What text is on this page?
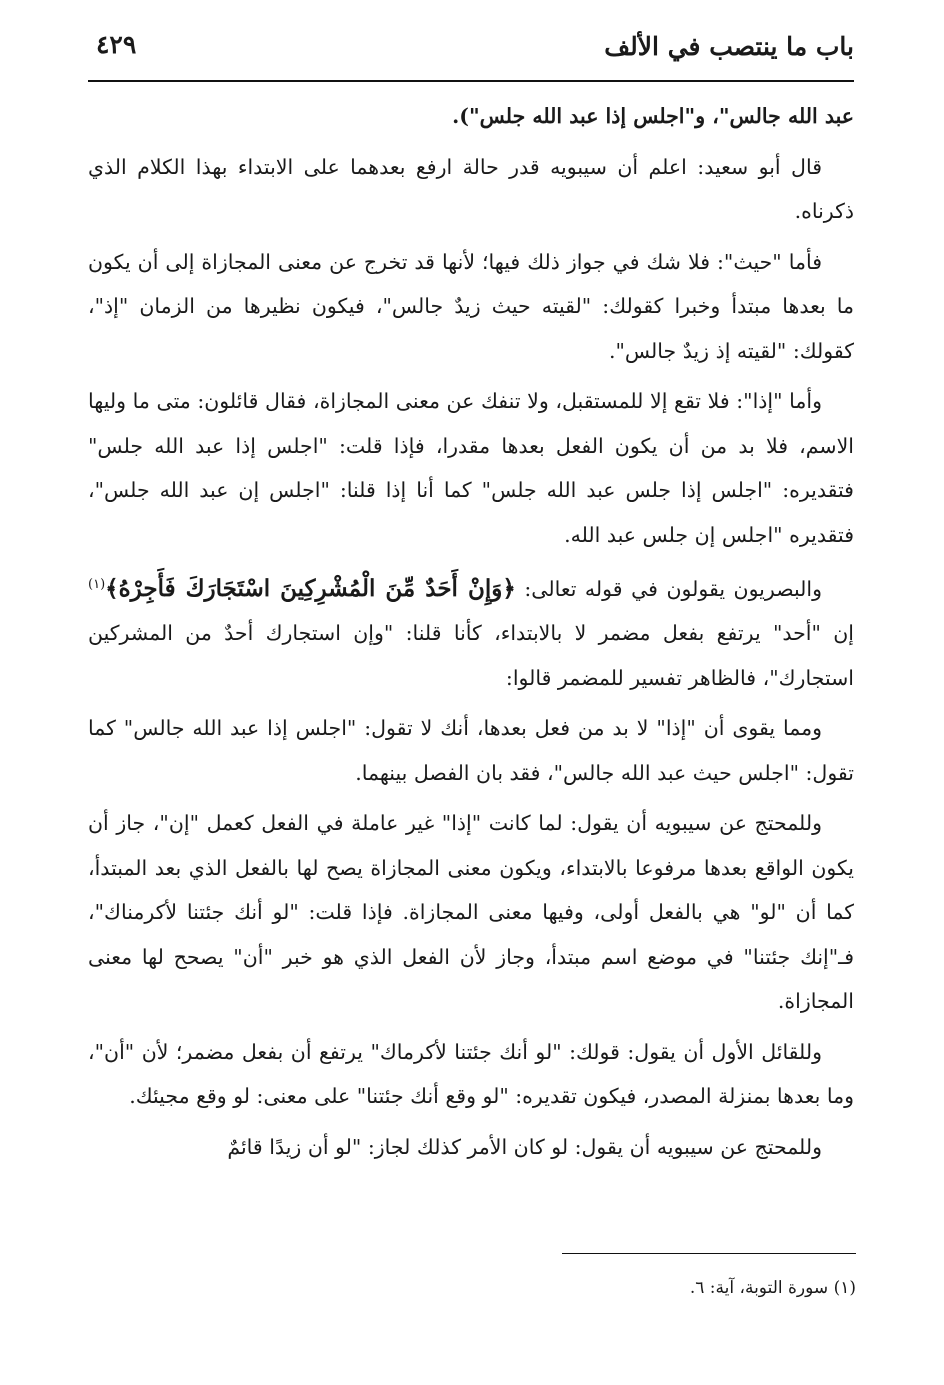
باب ما ينتصب في الألف
٤٢٩

عبد الله جالس"، و"اجلس إذا عبد الله جلس").

قال أبو سعيد: اعلم أن سيبويه قدر حالة ارفع بعدهما على الابتداء بهذا الكلام الذي ذكرناه.

فأما "حيث": فلا شك في جواز ذلك فيها؛ لأنها قد تخرج عن معنى المجازاة إلى أن يكون ما بعدها مبتدأ وخبرا كقولك: "لقيته حيث زيدٌ جالس"، فيكون نظيرها من الزمان "إذ"، كقولك: "لقيته إذ زيدٌ جالس".

وأما "إذا": فلا تقع إلا للمستقبل، ولا تنفك عن معنى المجازاة، فقال قائلون: متى ما وليها الاسم، فلا بد من أن يكون الفعل بعدها مقدرا، فإذا قلت: "اجلس إذا عبد الله جلس" فتقديره: "اجلس إذا جلس عبد الله جلس" كما أنا إذا قلنا: "اجلس إن عبد الله جلس"، فتقديره "اجلس إن جلس عبد الله.

والبصريون يقولون في قوله تعالى: ﴿وَإِنْ أَحَدٌ مِّنَ الْمُشْرِكِينَ اسْتَجَارَكَ فَأَجِرْهُ﴾$^{(١)}$ إن "أحد" يرتفع بفعل مضمر لا بالابتداء، كأنا قلنا: "وإن استجارك أحدٌ من المشركين استجارك"، فالظاهر تفسير للمضمر قالوا:

ومما يقوى أن "إذا" لا بد من فعل بعدها، أنك لا تقول: "اجلس إذا عبد الله جالس" كما تقول: "اجلس حيث عبد الله جالس"، فقد بان الفصل بينهما.

وللمحتج عن سيبويه أن يقول: لما كانت "إذا" غير عاملة في الفعل كعمل "إن"، جاز أن يكون الواقع بعدها مرفوعا بالابتداء، ويكون معنى المجازاة يصح لها بالفعل الذي بعد المبتدأ، كما أن "لو" هي بالفعل أولى، وفيها معنى المجازاة. فإذا قلت: "لو أنك جئتنا لأكرمناك"، فـ"إنك جئتنا" في موضع اسم مبتدأ، وجاز لأن الفعل الذي هو خبر "أن" يصحح لها معنى المجازاة.

وللقائل الأول أن يقول: قولك: "لو أنك جئتنا لأكرماك" يرتفع أن بفعل مضمر؛ لأن "أن"، وما بعدها بمنزلة المصدر، فيكون تقديره: "لو وقع أنك جئتنا" على معنى: لو وقع مجيئك.

وللمحتج عن سيبويه أن يقول: لو كان الأمر كذلك لجاز: "لو أن زيدًا قائمٌ

(١) سورة التوبة، آية: ٦.
